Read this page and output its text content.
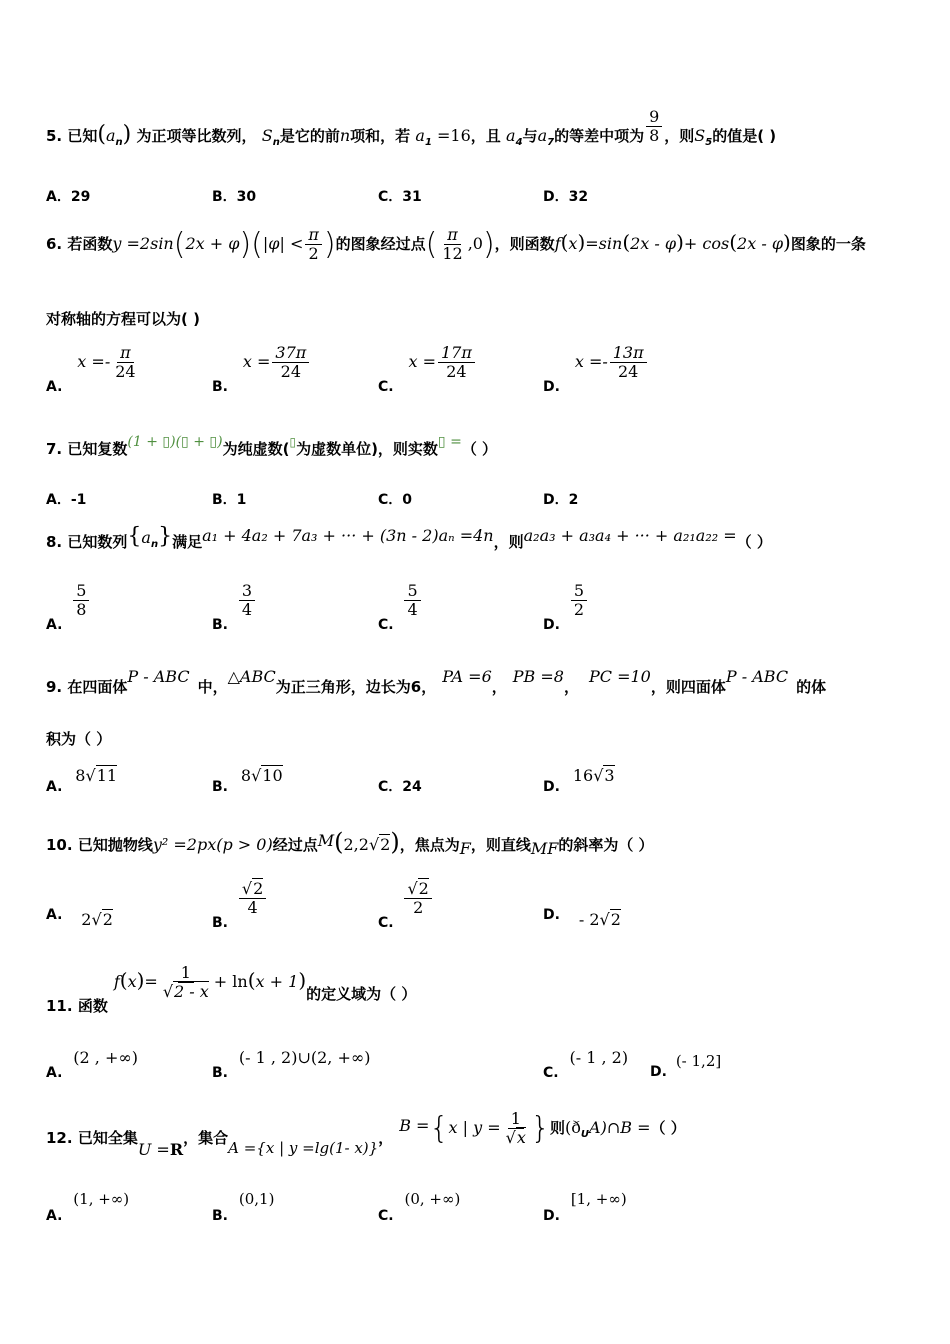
5. 已知$(a_n)$ 为正项等比数列， $S_n$是它的前n项和，若 $a_1 =16$，且 $a_4$与$a_7$的等差中项为 $\frac{9}{8}$ ，则$S_5$的值是( )
A．29	B．30	C．31	D．32
6. 若函数$y =2\sin(2x + \varphi)(|\varphi| < \frac{\pi}{2}$ )的图象经过点( $\frac{\pi}{12} ,0$)，则函数f(x)=sin(2x - φ)+ cos(2x - φ)图象的一条
对称轴的方程可以为( )
A. $x =- \frac{\pi}{24}$
B. $x = \frac{37\pi}{24}$
C. $x = \frac{17\pi}{24}$
D. $x =- \frac{13\pi}{24}$
7. 已知复数(1 + ▯)(▯ + ▯)为纯虚数(▯为虚数单位)，则实数▯ =（ ）
A．-1	B．1	C．0	D．2
8. 已知数列$\{a_n\}$满足a₁ + 4a₂ + 7a₃ + ··· + (3n - 2)aₙ =4n，则a₂a₃ + a₃a₄ + ··· + a₂₁a₂₂ =（ ）
A.
$\frac{5}{8}$
B.
$\frac{3}{4}$
C.
$\frac{5}{4}$
D.
$\frac{5}{2}$
9. 在四面体P - ABC中，△ABC为正三角形，边长为6，PA =6，PB =8，PC =10，则四面体P - ABC的体
积为（ ）
A. 8√11
B. 8√10
C．24	D. 16√3
10. 已知抛物线y² =2px(p > 0)经过点M(2,2√2)，焦点为F，则直线MF的斜率为（ ）
A. 2√2	B.
$\frac{√2}{4}$
C.
$\frac{√2}{2}$	D. - 2√2
11. 函数$f(x)= \frac{1}{√2 - x} + \ln(x + 1)$的定义域为（ ）
A. (2 , +∞)
B. (- 1 , 2)∪(2, +∞)
C. (- 1 , 2)
D. (- 1,2]
12. 已知全集U =R，集合A ={x | y =lg(1- x)}，B ={x | $y = \frac{1}{√x}$ }则$(ð_UA)\cap B$ =（ ）
A. (1, +∞)
B. (0,1)
C. (0, +∞)
D. [1, +∞)
